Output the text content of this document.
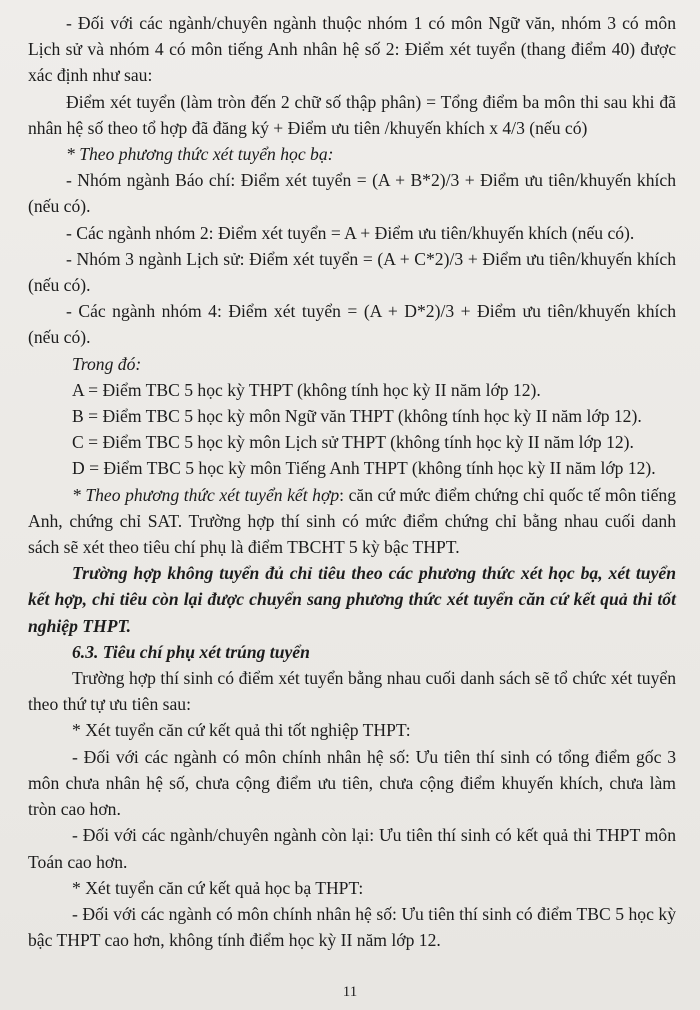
- Đối với các ngành/chuyên ngành thuộc nhóm 1 có môn Ngữ văn, nhóm 3 có môn Lịch sử và nhóm 4 có môn tiếng Anh nhân hệ số 2: Điểm xét tuyển (thang điểm 40) được xác định như sau:

Điểm xét tuyển (làm tròn đến 2 chữ số thập phân) = Tổng điểm ba môn thi sau khi đã nhân hệ số theo tổ hợp đã đăng ký + Điểm ưu tiên /khuyến khích x 4/3 (nếu có)

* Theo phương thức xét tuyển học bạ:

- Nhóm ngành Báo chí: Điểm xét tuyển = (A + B*2)/3 + Điểm ưu tiên/khuyến khích (nếu có).

- Các ngành nhóm 2: Điểm xét tuyển = A + Điểm ưu tiên/khuyến khích (nếu có).

- Nhóm 3 ngành Lịch sử: Điểm xét tuyển = (A + C*2)/3 + Điểm ưu tiên/khuyến khích (nếu có).

- Các ngành nhóm 4: Điểm xét tuyển = (A + D*2)/3 + Điểm ưu tiên/khuyến khích (nếu có).

Trong đó:

A = Điểm TBC 5 học kỳ THPT (không tính học kỳ II năm lớp 12).

B = Điểm TBC 5 học kỳ môn Ngữ văn THPT (không tính học kỳ II năm lớp 12).

C = Điểm TBC 5 học kỳ môn Lịch sử THPT (không tính học kỳ II năm lớp 12).

D = Điểm TBC 5 học kỳ môn Tiếng Anh THPT (không tính học kỳ II năm lớp 12).

* Theo phương thức xét tuyển kết hợp: căn cứ mức điểm chứng chỉ quốc tế môn tiếng Anh, chứng chỉ SAT. Trường hợp thí sinh có mức điểm chứng chỉ bằng nhau cuối danh sách sẽ xét theo tiêu chí phụ là điểm TBCHT 5 kỳ bậc THPT.

Trường hợp không tuyển đủ chỉ tiêu theo các phương thức xét học bạ, xét tuyển kết hợp, chỉ tiêu còn lại được chuyển sang phương thức xét tuyển căn cứ kết quả thi tốt nghiệp THPT.

6.3. Tiêu chí phụ xét trúng tuyển

Trường hợp thí sinh có điểm xét tuyển bằng nhau cuối danh sách sẽ tổ chức xét tuyển theo thứ tự ưu tiên sau:

* Xét tuyển căn cứ kết quả thi tốt nghiệp THPT:

- Đối với các ngành có môn chính nhân hệ số: Ưu tiên thí sinh có tổng điểm gốc 3 môn chưa nhân hệ số, chưa cộng điểm ưu tiên, chưa cộng điểm khuyến khích, chưa làm tròn cao hơn.

- Đối với các ngành/chuyên ngành còn lại: Ưu tiên thí sinh có kết quả thi THPT môn Toán cao hơn.

* Xét tuyển căn cứ kết quả học bạ THPT:

- Đối với các ngành có môn chính nhân hệ số: Ưu tiên thí sinh có điểm TBC 5 học kỳ bậc THPT cao hơn, không tính điểm học kỳ II năm lớp 12.

11
